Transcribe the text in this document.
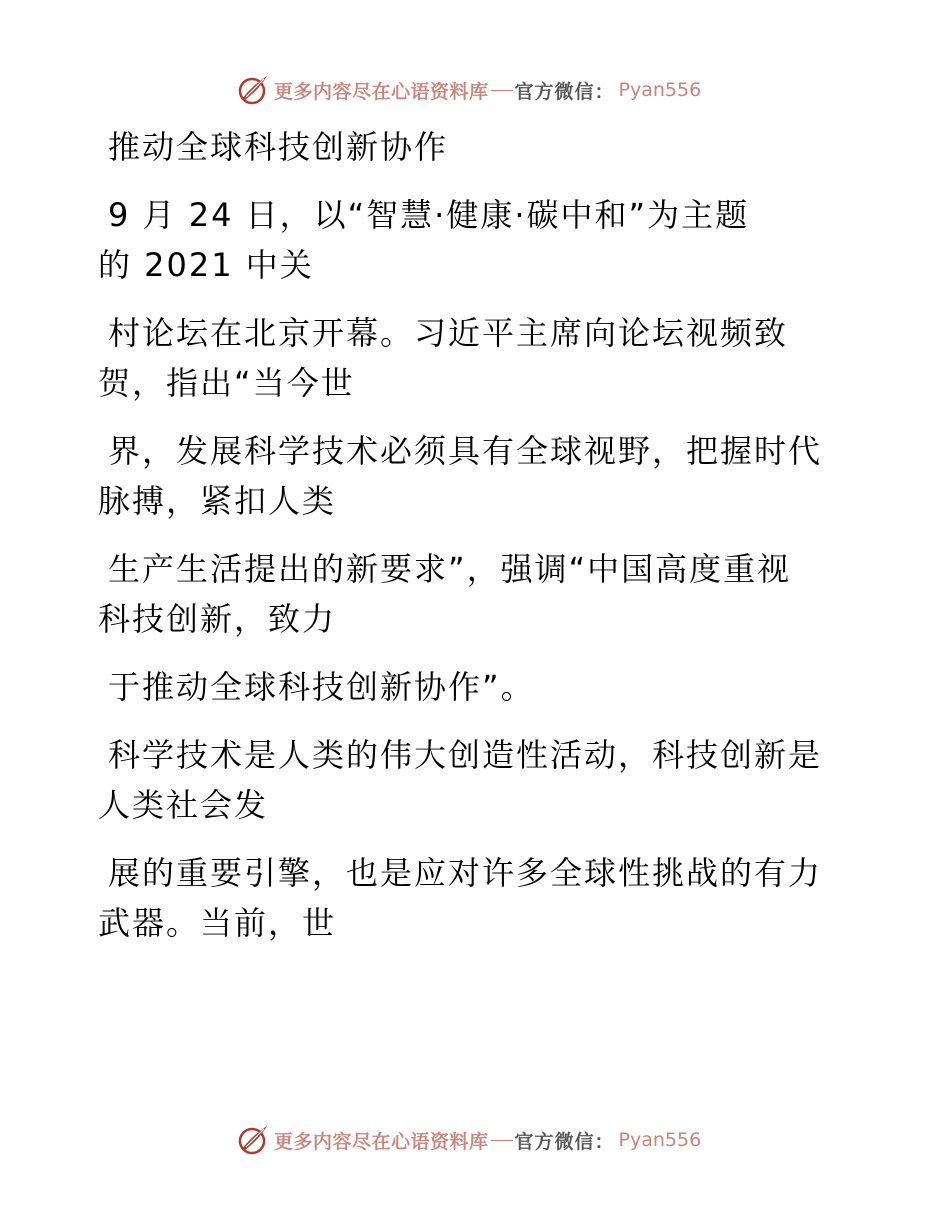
更多内容尽在心语资料库 官方微信： Pyan556
推动全球科技创新协作
9 月 24 日，以“智慧·健康·碳中和”为主题
的 2021 中关
村论坛在北京开幕。习近平主席向论坛视频致
贺，指出“当今世
界，发展科学技术必须具有全球视野，把握时代
脉搏，紧扣人类
生产生活提出的新要求”，强调“中国高度重视
科技创新，致力
于推动全球科技创新协作”。
科学技术是人类的伟大创造性活动，科技创新是
人类社会发
展的重要引擎，也是应对许多全球性挑战的有力
武器。当前，世
更多内容尽在心语资料库 官方微信： Pyan556
